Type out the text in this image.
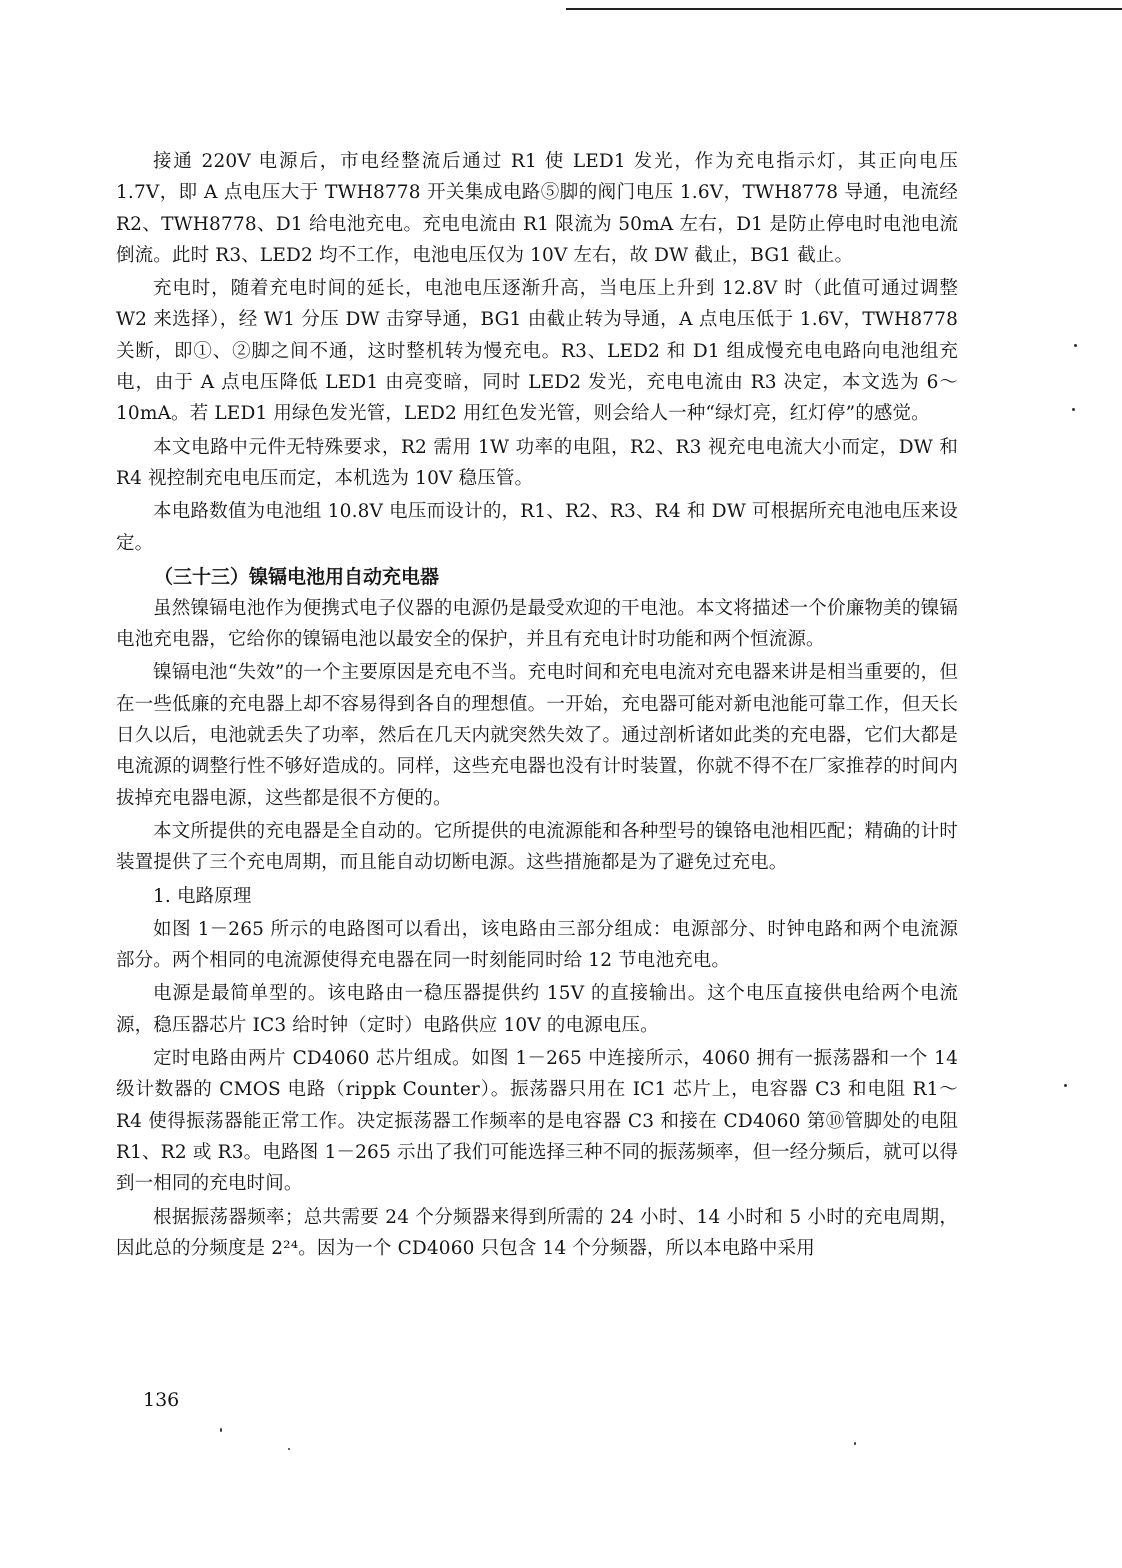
接通 220V 电源后，市电经整流后通过 R1 使 LED1 发光，作为充电指示灯，其正向电压 1.7V，即 A 点电压大于 TWH8778 开关集成电路⑤脚的阀门电压 1.6V，TWH8778 导通，电流经 R2、TWH8778、D1 给电池充电。充电电流由 R1 限流为 50mA 左右，D1 是防止停电时电池电流倒流。此时 R3、LED2 均不工作，电池电压仅为 10V 左右，故 DW 截止，BG1 截止。

充电时，随着充电时间的延长，电池电压逐渐升高，当电压上升到 12.8V 时（此值可通过调整 W2 来选择），经 W1 分压 DW 击穿导通，BG1 由截止转为导通，A 点电压低于 1.6V，TWH8778 关断，即①、②脚之间不通，这时整机转为慢充电。R3、LED2 和 D1 组成慢充电电路向电池组充电，由于 A 点电压降低 LED1 由亮变暗，同时 LED2 发光，充电电流由 R3 决定，本文选为 6～10mA。若 LED1 用绿色发光管，LED2 用红色发光管，则会给人一种“绿灯亮，红灯停”的感觉。

本文电路中元件无特殊要求，R2 需用 1W 功率的电阻，R2、R3 视充电电流大小而定，DW 和 R4 视控制充电电压而定，本机选为 10V 稳压管。

本电路数值为电池组 10.8V 电压而设计的，R1、R2、R3、R4 和 DW 可根据所充电池电压来设定。

（三十三）镍镉电池用自动充电器

虽然镍镉电池作为便携式电子仪器的电源仍是最受欢迎的干电池。本文将描述一个价廉物美的镍镉电池充电器，它给你的镍镉电池以最安全的保护，并且有充电计时功能和两个恒流源。

镍镉电池“失效”的一个主要原因是充电不当。充电时间和充电电流对充电器来讲是相当重要的，但在一些低廉的充电器上却不容易得到各自的理想值。一开始，充电器可能对新电池能可靠工作，但天长日久以后，电池就丢失了功率，然后在几天内就突然失效了。通过剖析诸如此类的充电器，它们大都是电流源的调整行性不够好造成的。同样，这些充电器也没有计时装置，你就不得不在厂家推荐的时间内拔掉充电器电源，这些都是很不方便的。

本文所提供的充电器是全自动的。它所提供的电流源能和各种型号的镍铬电池相匹配；精确的计时装置提供了三个充电周期，而且能自动切断电源。这些措施都是为了避免过充电。

1. 电路原理

如图 1－265 所示的电路图可以看出，该电路由三部分组成：电源部分、时钟电路和两个电流源部分。两个相同的电流源使得充电器在同一时刻能同时给 12 节电池充电。

电源是最简单型的。该电路由一稳压器提供约 15V 的直接输出。这个电压直接供电给两个电流源，稳压器芯片 IC3 给时钟（定时）电路供应 10V 的电源电压。

定时电路由两片 CD4060 芯片组成。如图 1－265 中连接所示，4060 拥有一振荡器和一个 14 级计数器的 CMOS 电路（rippk Counter）。振荡器只用在 IC1 芯片上，电容器 C3 和电阻 R1～R4 使得振荡器能正常工作。决定振荡器工作频率的是电容器 C3 和接在 CD4060 第⑩管脚处的电阻 R1、R2 或 R3。电路图 1－265 示出了我们可能选择三种不同的振荡频率，但一经分频后，就可以得到一相同的充电时间。

根据振荡器频率；总共需要 24 个分频器来得到所需的 24 小时、14 小时和 5 小时的充电周期，因此总的分频度是 2²⁴。因为一个 CD4060 只包含 14 个分频器，所以本电路中采用

136
